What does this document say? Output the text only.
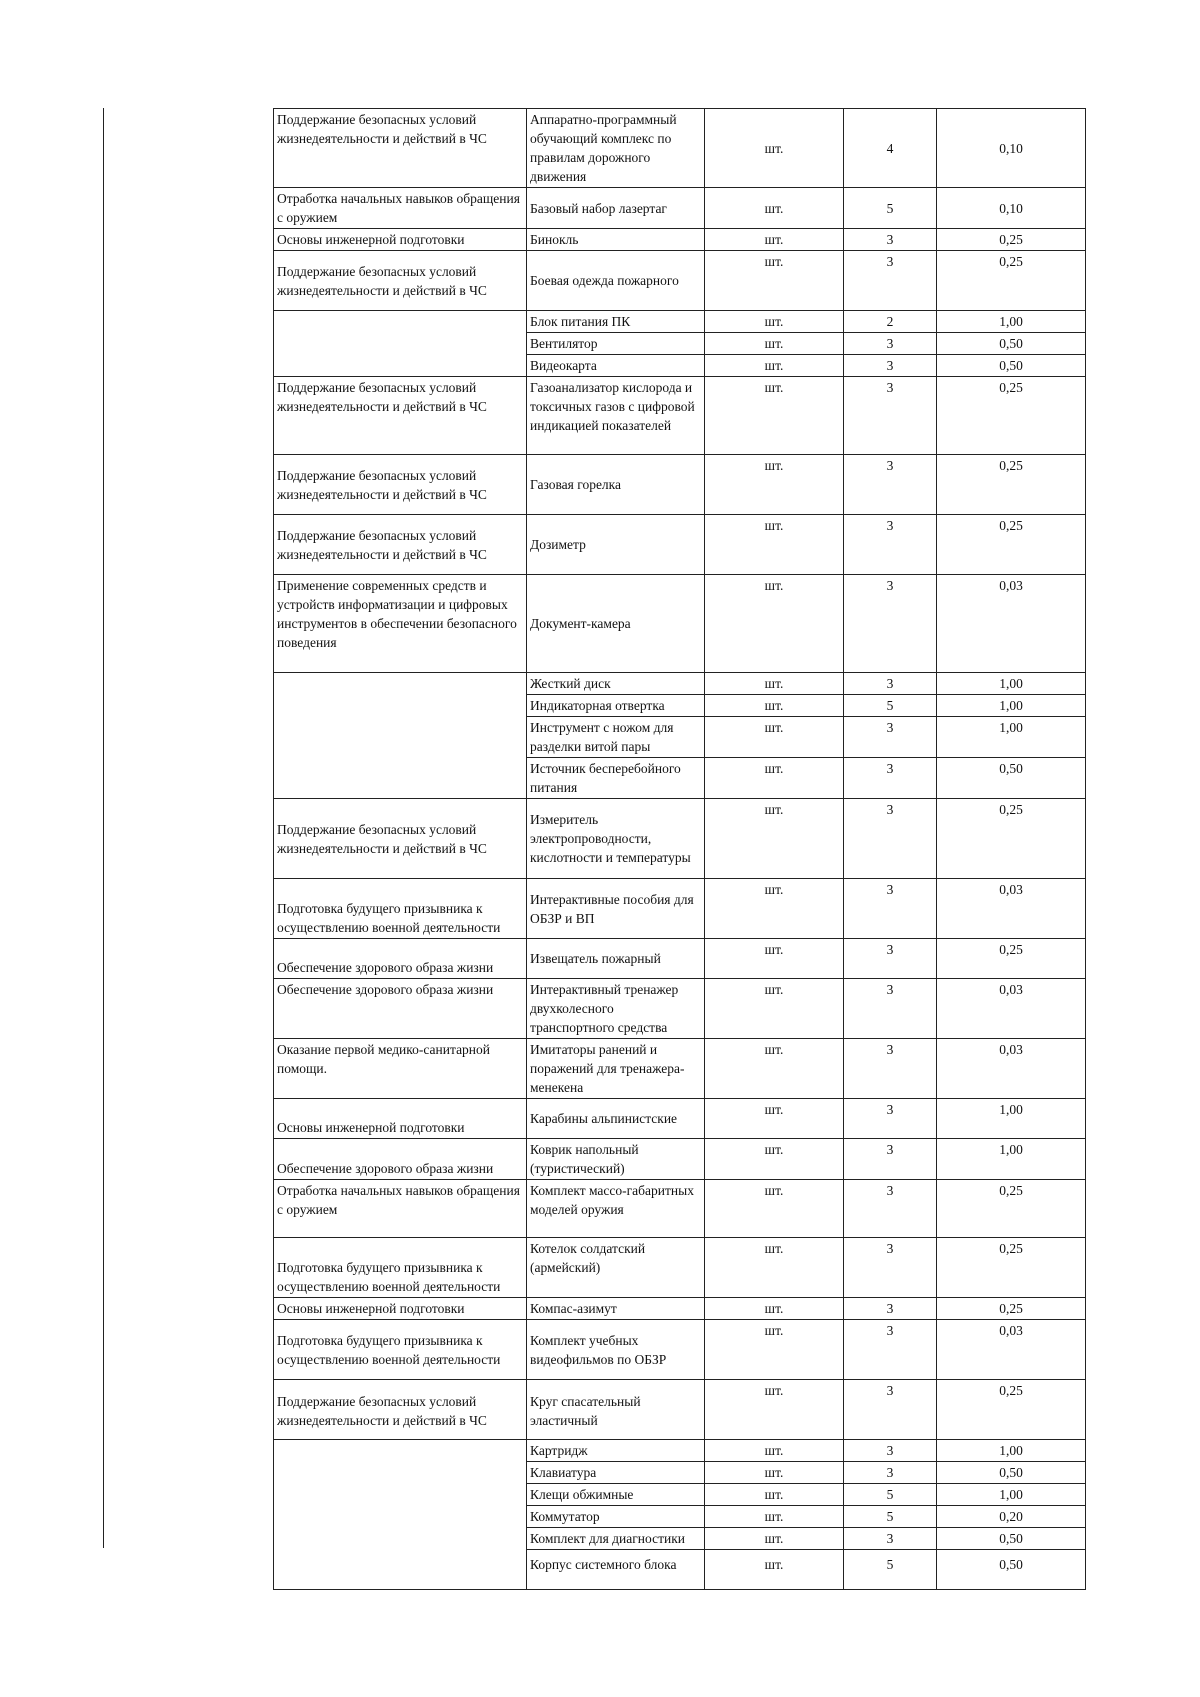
Поддержание безопасных условий жизнедеятельности и действий в ЧС	Аппаратно-программный обучающий комплекс по правилам дорожного движения	шт.	4	0,10
Отработка начальных навыков обращения с оружием	Базовый набор лазертаг	шт.	5	0,10
Основы инженерной подготовки	Бинокль	шт.	3	0,25
Поддержание безопасных условий жизнедеятельности и действий в ЧС	Боевая одежда пожарного	шт.	3	0,25
	Блок питания ПК	шт.	2	1,00
	Вентилятор	шт.	3	0,50
	Видеокарта	шт.	3	0,50
Поддержание безопасных условий жизнедеятельности и действий в ЧС	Газоанализатор кислорода и токсичных газов с цифровой индикацией показателей	шт.	3	0,25
Поддержание безопасных условий жизнедеятельности и действий в ЧС	Газовая горелка	шт.	3	0,25
Поддержание безопасных условий жизнедеятельности и действий в ЧС	Дозиметр	шт.	3	0,25
Применение современных средств и устройств информатизации и цифровых инструментов в обеспечении безопасного поведения	Документ-камера	шт.	3	0,03
	Жесткий диск	шт.	3	1,00
	Индикаторная отвертка	шт.	5	1,00
	Инструмент с ножом для разделки витой пары	шт.	3	1,00
	Источник бесперебойного питания	шт.	3	0,50
Поддержание безопасных условий жизнедеятельности и действий в ЧС	Измеритель электропроводности, кислотности и температуры	шт.	3	0,25
Подготовка будущего призывника к осуществлению военной деятельности	Интерактивные пособия для ОБЗР и ВП	шт.	3	0,03
Обеспечение здорового образа жизни	Извещатель пожарный	шт.	3	0,25
Обеспечение здорового образа жизни	Интерактивный тренажер двухколесного транспортного средства	шт.	3	0,03
Оказание первой медико-санитарной помощи.	Имитаторы ранений и поражений для тренажера-менекена	шт.	3	0,03
Основы инженерной подготовки	Карабины альпинистские	шт.	3	1,00
Обеспечение здорового образа жизни	Коврик напольный (туристический)	шт.	3	1,00
Отработка начальных навыков обращения с оружием	Комплект массо-габаритных моделей оружия	шт.	3	0,25
Подготовка будущего призывника к осуществлению военной деятельности	Котелок солдатский (армейский)	шт.	3	0,25
Основы инженерной подготовки	Компас-азимут	шт.	3	0,25
Подготовка будущего призывника к осуществлению военной деятельности	Комплект учебных видеофильмов по ОБЗР	шт.	3	0,03
Поддержание безопасных условий жизнедеятельности и действий в ЧС	Круг спасательный эластичный	шт.	3	0,25
	Картридж	шт.	3	1,00
	Клавиатура	шт.	3	0,50
	Клещи обжимные	шт.	5	1,00
	Коммутатор	шт.	5	0,20
	Комплект для диагностики	шт.	3	0,50
	Корпус системного блока	шт.	5	0,50
